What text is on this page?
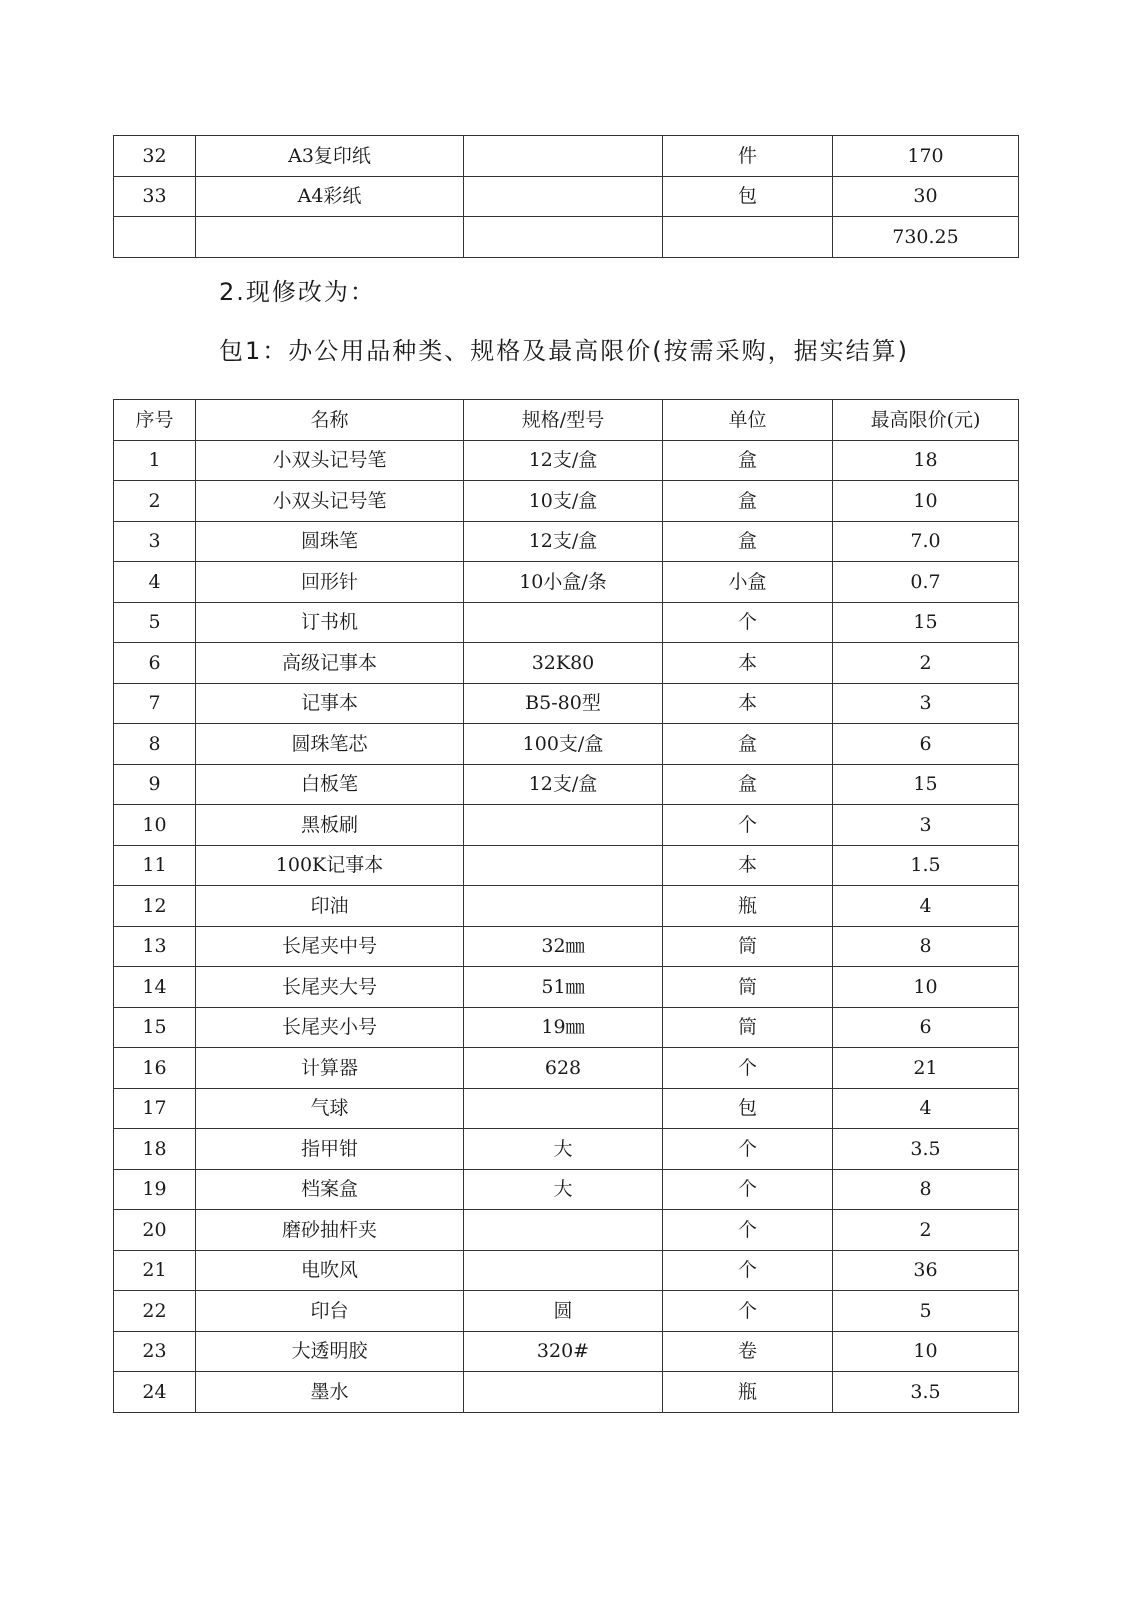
32	A3复印纸		件	170
33	A4彩纸		包	30
				730.25

2.现修改为：

包1：办公用品种类、规格及最高限价(按需采购，据实结算)

序号	名称	规格/型号	单位	最高限价(元)
1	小双头记号笔	12支/盒	盒	18
2	小双头记号笔	10支/盒	盒	10
3	圆珠笔	12支/盒	盒	7.0
4	回形针	10小盒/条	小盒	0.7
5	订书机		个	15
6	高级记事本	32K80	本	2
7	记事本	B5-80型	本	3
8	圆珠笔芯	100支/盒	盒	6
9	白板笔	12支/盒	盒	15
10	黑板刷		个	3
11	100K记事本		本	1.5
12	印油		瓶	4
13	长尾夹中号	32㎜	筒	8
14	长尾夹大号	51㎜	筒	10
15	长尾夹小号	19㎜	筒	6
16	计算器	628	个	21
17	气球		包	4
18	指甲钳	大	个	3.5
19	档案盒	大	个	8
20	磨砂抽杆夹		个	2
21	电吹风		个	36
22	印台	圆	个	5
23	大透明胶	320#	卷	10
24	墨水		瓶	3.5
